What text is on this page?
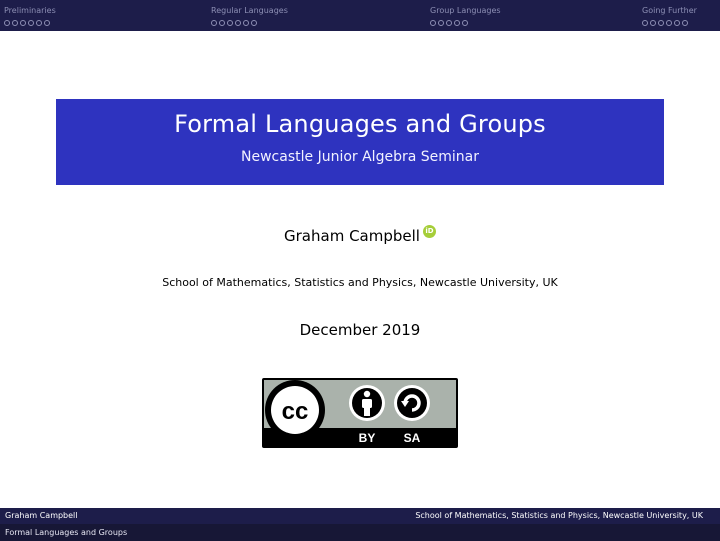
Preliminaries	Regular Languages	Group Languages	Going Further
Formal Languages and Groups
Newcastle Junior Algebra Seminar
Graham Campbell iD
School of Mathematics, Statistics and Physics, Newcastle University, UK
December 2019
cc
BY SA
Graham Campbell	School of Mathematics, Statistics and Physics, Newcastle University, UK
Formal Languages and Groups
